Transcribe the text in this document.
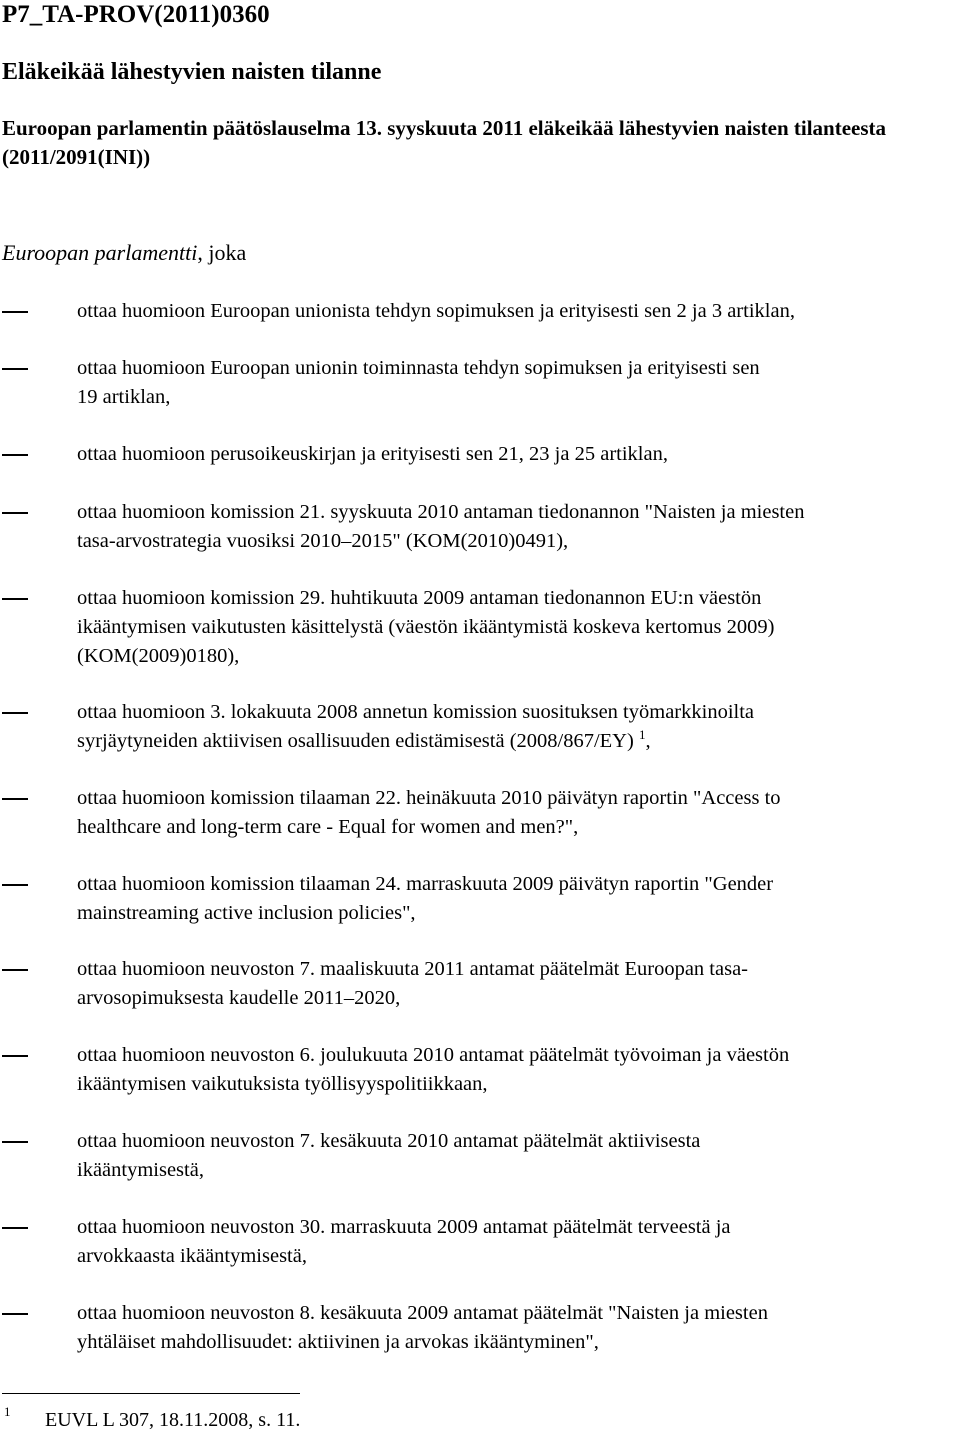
P7_TA-PROV(2011)0360
Eläkeikää lähestyvien naisten tilanne

Euroopan parlamentin päätöslauselma 13. syyskuuta 2011 eläkeikää lähestyvien naisten tilanteesta (2011/2091(INI))

Euroopan parlamentti, joka

ottaa huomioon Euroopan unionista tehdyn sopimuksen ja erityisesti sen 2 ja 3 artiklan,

ottaa huomioon Euroopan unionin toiminnasta tehdyn sopimuksen ja erityisesti sen
19 artiklan,

ottaa huomioon perusoikeuskirjan ja erityisesti sen 21, 23 ja 25 artiklan,

ottaa huomioon komission 21. syyskuuta 2010 antaman tiedonannon "Naisten ja miesten
tasa-arvostrategia vuosiksi 2010–2015" (KOM(2010)0491),

ottaa huomioon komission 29. huhtikuuta 2009 antaman tiedonannon EU:n väestön
ikääntymisen vaikutusten käsittelystä (väestön ikääntymistä koskeva kertomus 2009)
(KOM(2009)0180),

ottaa huomioon 3. lokakuuta 2008 annetun komission suosituksen työmarkkinoilta
syrjäytyneiden aktiivisen osallisuuden edistämisestä (2008/867/EY) $^1$,

ottaa huomioon komission tilaaman 22. heinäkuuta 2010 päivätyn raportin "Access to
healthcare and long-term care - Equal for women and men?",

ottaa huomioon komission tilaaman 24. marraskuuta 2009 päivätyn raportin "Gender
mainstreaming active inclusion policies",

ottaa huomioon neuvoston 7. maaliskuuta 2011 antamat päätelmät Euroopan tasa-
arvosopimuksesta kaudelle 2011–2020,

ottaa huomioon neuvoston 6. joulukuuta 2010 antamat päätelmät työvoiman ja väestön
ikääntymisen vaikutuksista työllisyyspolitiikkaan,

ottaa huomioon neuvoston 7. kesäkuuta 2010 antamat päätelmät aktiivisesta
ikääntymisestä,

ottaa huomioon neuvoston 30. marraskuuta 2009 antamat päätelmät terveestä ja
arvokkaasta ikääntymisestä,

ottaa huomioon neuvoston 8. kesäkuuta 2009 antamat päätelmät "Naisten ja miesten
yhtäläiset mahdollisuudet: aktiivinen ja arvokas ikääntyminen",

1 EUVL L 307, 18.11.2008, s. 11.
